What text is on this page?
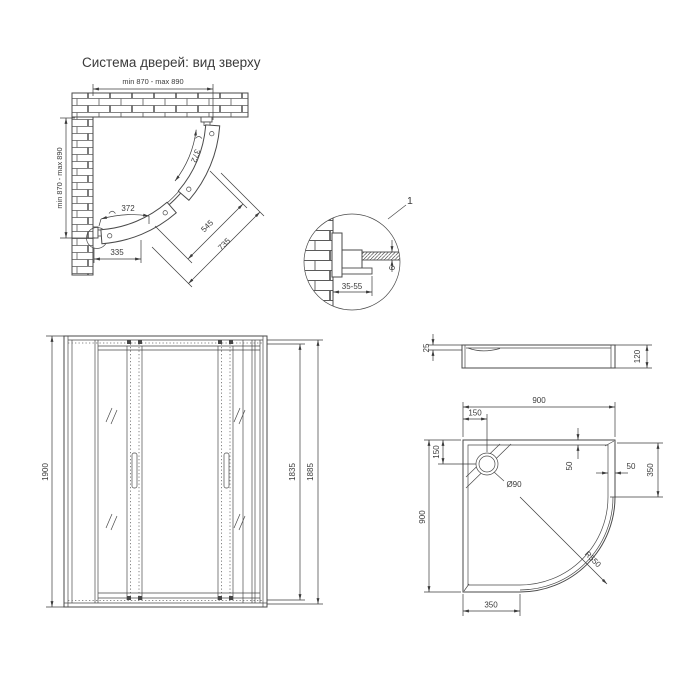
Система дверей: вид зверху
min 870 - max 890
min 870 - max 890	372
372
545
735
335
1
35-55
6
1900	1835 1885
25
120
Ø90
900
150
150
900
50	50 350
350
R550
